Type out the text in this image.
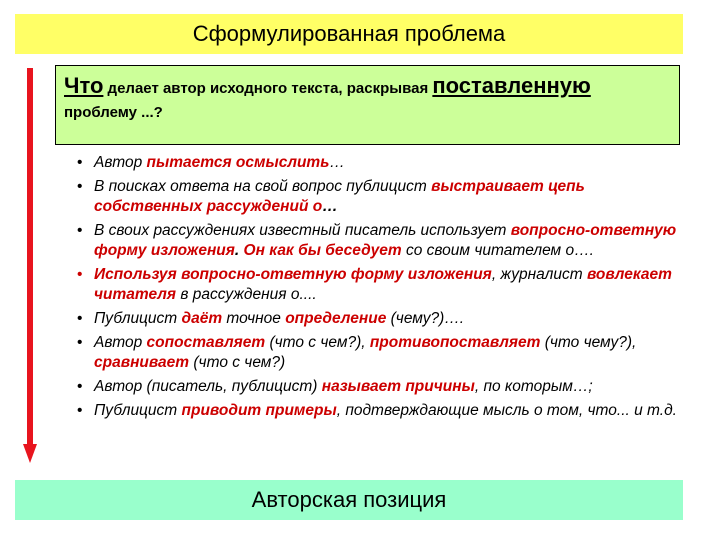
Сформулированная проблема
Что делает автор исходного текста, раскрывая поставленную
проблему ...?
• Автор пытается осмыслить…
• В поисках ответа на свой вопрос публицист выстраивает цепь собственных рассуждений о…
• В своих рассуждениях известный писатель использует вопросно-ответную форму изложения. Он как бы беседует со своим читателем о….
• Используя вопросно-ответную форму изложения, журналист вовлекает читателя в рассуждения о....
• Публицист даёт точное определение (чему?)….
• Автор сопоставляет (что с чем?), противопоставляет (что чему?), сравнивает (что с чем?)
• Автор (писатель, публицист) называет причины, по которым…;
• Публицист приводит примеры, подтверждающие мысль о том, что... и т.д.
Авторская позиция
